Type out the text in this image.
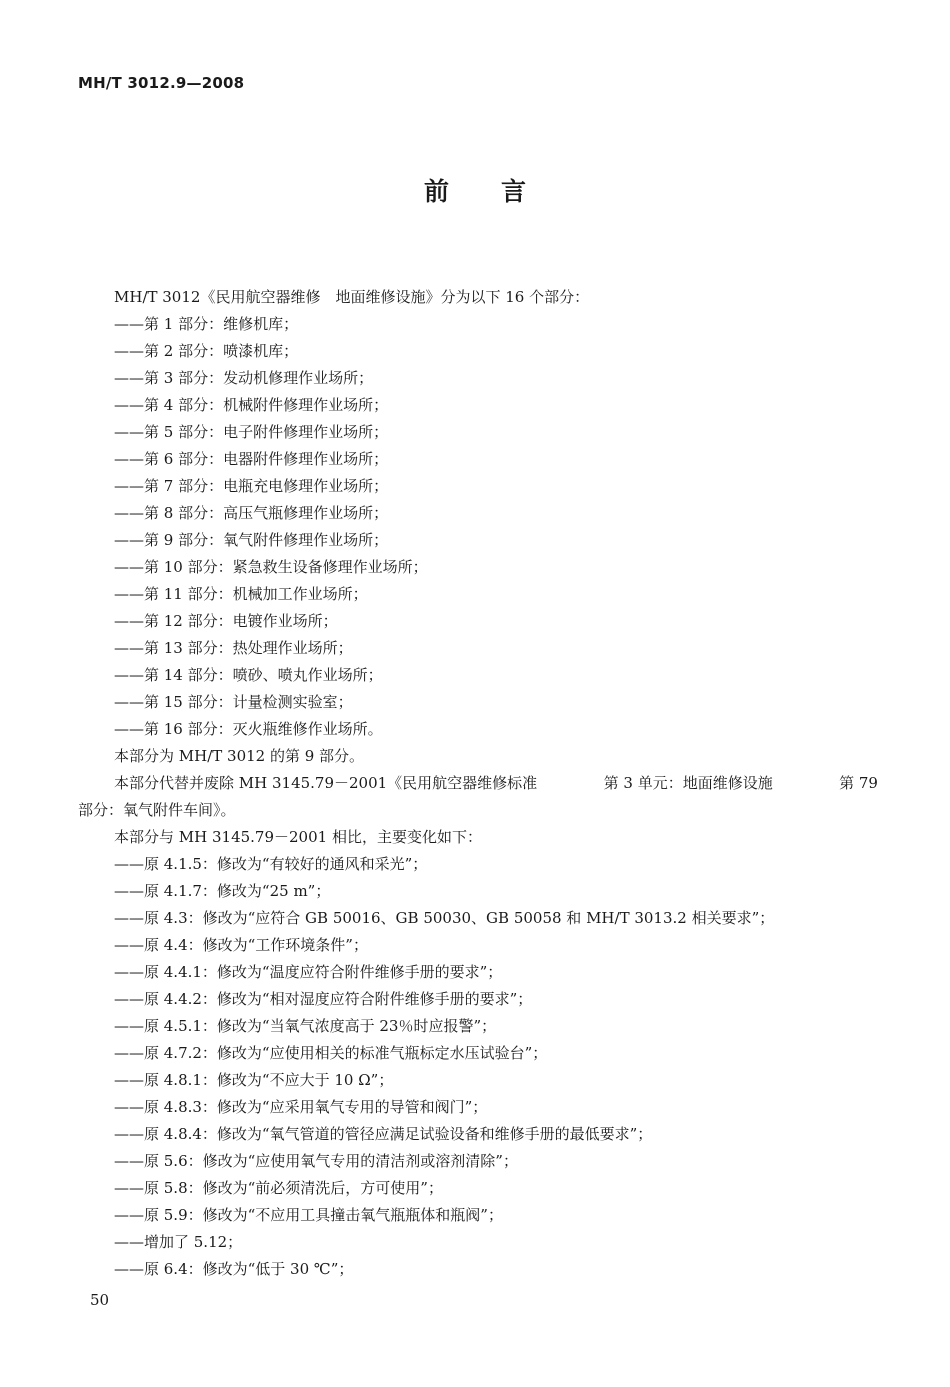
MH/T 3012.9—2008
前言
MH/T 3012《民用航空器维修　地面维修设施》分为以下 16 个部分：
——第 1 部分：维修机库；
——第 2 部分：喷漆机库；
——第 3 部分：发动机修理作业场所；
——第 4 部分：机械附件修理作业场所；
——第 5 部分：电子附件修理作业场所；
——第 6 部分：电器附件修理作业场所；
——第 7 部分：电瓶充电修理作业场所；
——第 8 部分：高压气瓶修理作业场所；
——第 9 部分：氧气附件修理作业场所；
——第 10 部分：紧急救生设备修理作业场所；
——第 11 部分：机械加工作业场所；
——第 12 部分：电镀作业场所；
——第 13 部分：热处理作业场所；
——第 14 部分：喷砂、喷丸作业场所；
——第 15 部分：计量检测实验室；
——第 16 部分：灭火瓶维修作业场所。
本部分为 MH/T 3012 的第 9 部分。
本部分代替并废除 MH 3145.79－2001《民用航空器维修标准	第 3 单元：地面维修设施	第 79
部分：氧气附件车间》。
本部分与 MH 3145.79－2001 相比，主要变化如下：
——原 4.1.5：修改为“有较好的通风和采光”；
——原 4.1.7：修改为“25 m”；
——原 4.3：修改为“应符合 GB 50016、GB 50030、GB 50058 和 MH/T 3013.2 相关要求”；
——原 4.4：修改为“工作环境条件”；
——原 4.4.1：修改为“温度应符合附件维修手册的要求”；
——原 4.4.2：修改为“相对湿度应符合附件维修手册的要求”；
——原 4.5.1：修改为“当氧气浓度高于 23％时应报警”；
——原 4.7.2：修改为“应使用相关的标准气瓶标定水压试验台”；
——原 4.8.1：修改为“不应大于 10 Ω”；
——原 4.8.3：修改为“应采用氧气专用的导管和阀门”；
——原 4.8.4：修改为“氧气管道的管径应满足试验设备和维修手册的最低要求”；
——原 5.6：修改为“应使用氧气专用的清洁剂或溶剂清除”；
——原 5.8：修改为“前必须清洗后，方可使用”；
——原 5.9：修改为“不应用工具撞击氧气瓶瓶体和瓶阀”；
——增加了 5.12；
——原 6.4：修改为“低于 30 ℃”；
50
